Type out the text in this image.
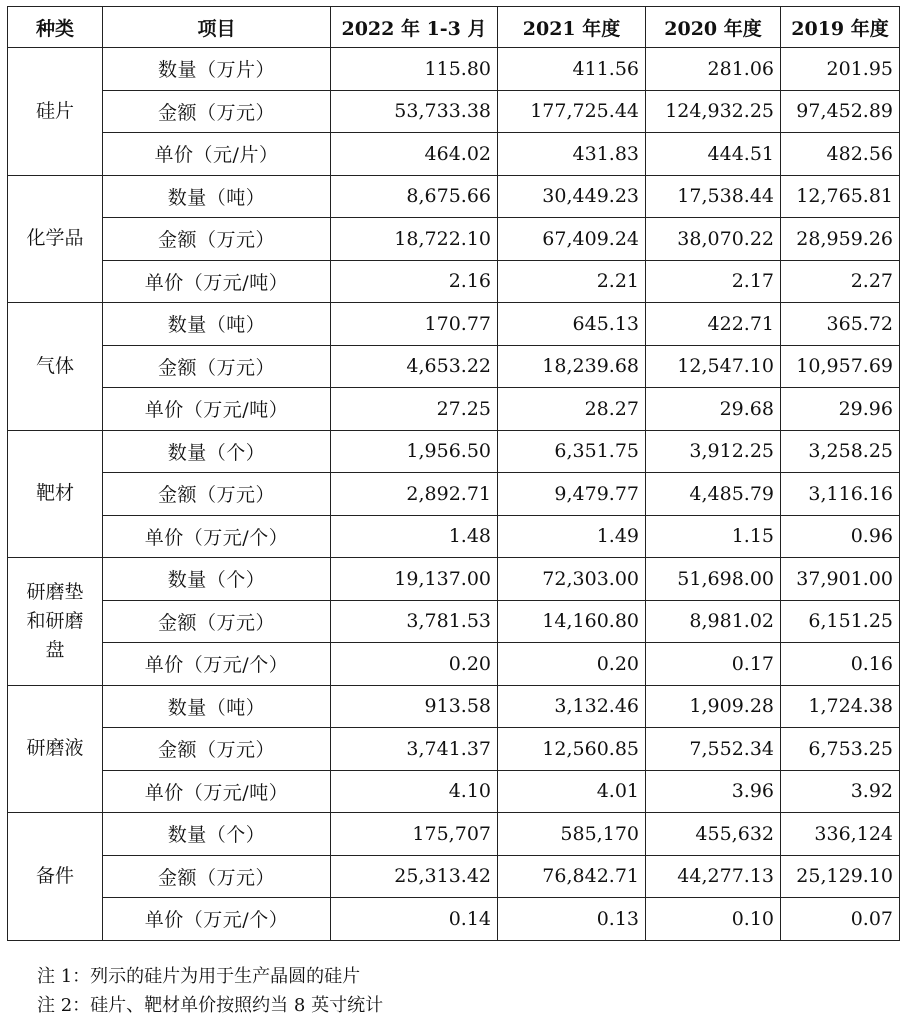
种类	项目	2022 年 1-3 月	2021 年度	2020 年度	2019 年度
硅片	数量（万片）	115.80	411.56	281.06	201.95
	金额（万元）	53,733.38	177,725.44	124,932.25	97,452.89
	单价（元/片）	464.02	431.83	444.51	482.56
化学品	数量（吨）	8,675.66	30,449.23	17,538.44	12,765.81
	金额（万元）	18,722.10	67,409.24	38,070.22	28,959.26
	单价（万元/吨）	2.16	2.21	2.17	2.27
气体	数量（吨）	170.77	645.13	422.71	365.72
	金额（万元）	4,653.22	18,239.68	12,547.10	10,957.69
	单价（万元/吨）	27.25	28.27	29.68	29.96
靶材	数量（个）	1,956.50	6,351.75	3,912.25	3,258.25
	金额（万元）	2,892.71	9,479.77	4,485.79	3,116.16
	单价（万元/个）	1.48	1.49	1.15	0.96
研磨垫和研磨盘	数量（个）	19,137.00	72,303.00	51,698.00	37,901.00
	金额（万元）	3,781.53	14,160.80	8,981.02	6,151.25
	单价（万元/个）	0.20	0.20	0.17	0.16
研磨液	数量（吨）	913.58	3,132.46	1,909.28	1,724.38
	金额（万元）	3,741.37	12,560.85	7,552.34	6,753.25
	单价（万元/吨）	4.10	4.01	3.96	3.92
备件	数量（个）	175,707	585,170	455,632	336,124
	金额（万元）	25,313.42	76,842.71	44,277.13	25,129.10
	单价（万元/个）	0.14	0.13	0.10	0.07
注 1：列示的硅片为用于生产晶圆的硅片
注 2：硅片、靶材单价按照约当 8 英寸统计
